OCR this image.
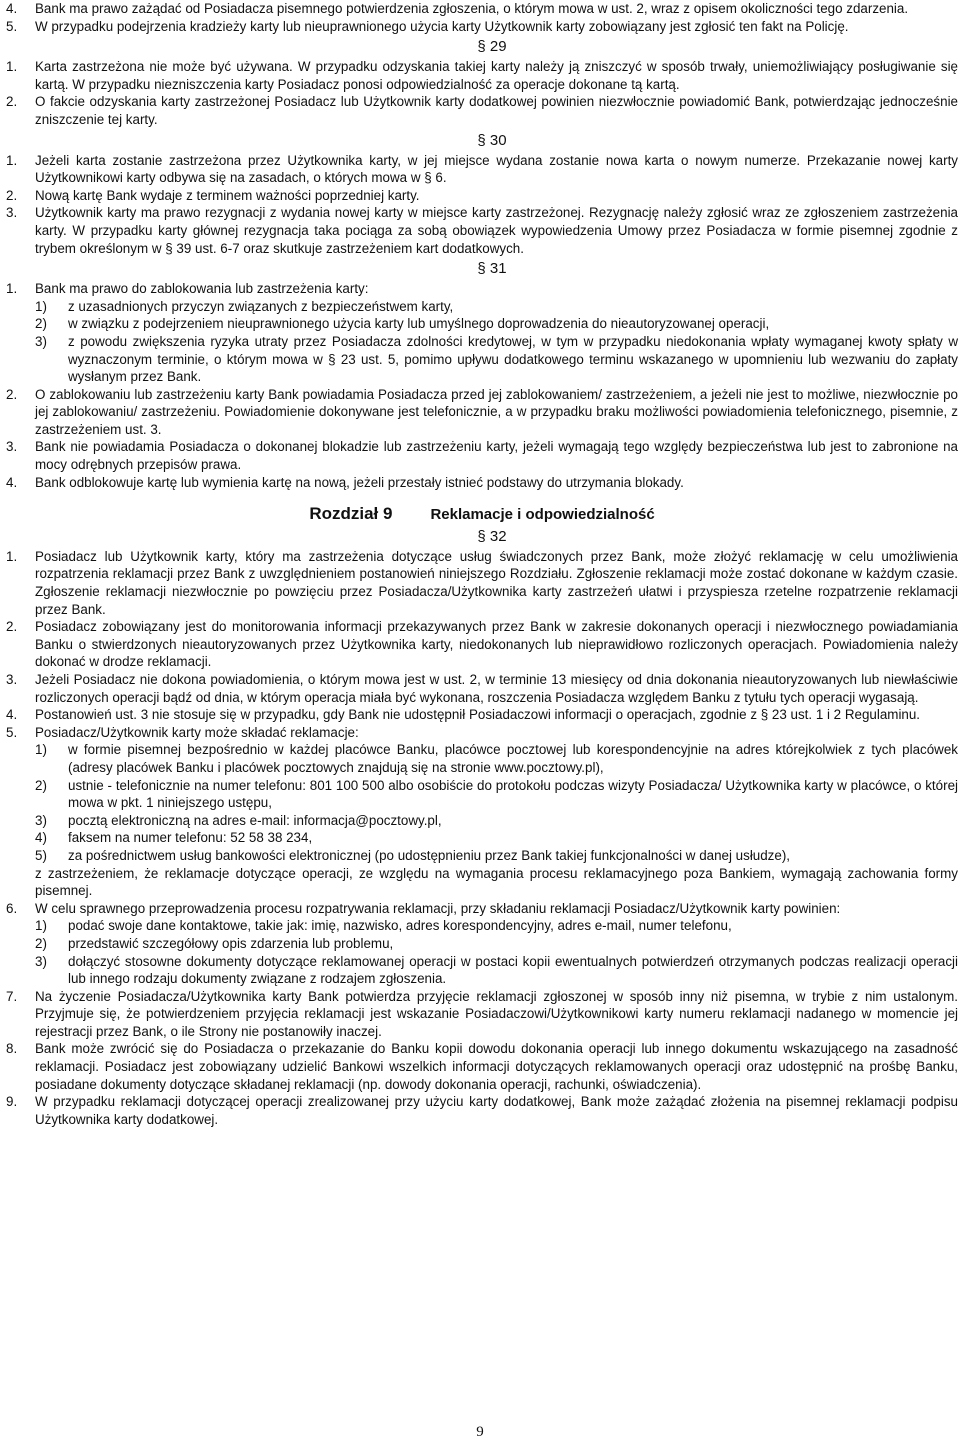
4.	Bank ma prawo zażądać od Posiadacza pisemnego potwierdzenia zgłoszenia, o którym mowa w ust. 2, wraz z opisem okoliczności tego zdarzenia.
5.	W przypadku podejrzenia kradzieży karty lub nieuprawnionego użycia karty Użytkownik karty zobowiązany jest zgłosić ten fakt na Policję.
§ 29
1.	Karta zastrzeżona nie może być używana. W przypadku odzyskania takiej karty należy ją zniszczyć w sposób trwały, uniemożliwiający posługiwanie się kartą. W przypadku niezniszczenia karty Posiadacz ponosi odpowiedzialność za operacje dokonane tą kartą.
2.	O fakcie odzyskania karty zastrzeżonej Posiadacz lub Użytkownik karty dodatkowej powinien niezwłocznie powiadomić Bank, potwierdzając jednocześnie zniszczenie tej karty.
§ 30
1.	Jeżeli karta zostanie zastrzeżona przez Użytkownika karty, w jej miejsce wydana zostanie nowa karta o nowym numerze. Przekazanie nowej karty Użytkownikowi karty odbywa się na zasadach, o których mowa w § 6.
2.	Nową kartę Bank wydaje z terminem ważności poprzedniej karty.
3.	Użytkownik karty ma prawo rezygnacji z wydania nowej karty w miejsce karty zastrzeżonej. Rezygnację należy zgłosić wraz ze zgłoszeniem zastrzeżenia karty. W przypadku karty głównej rezygnacja taka pociąga za sobą obowiązek wypowiedzenia Umowy przez Posiadacza w formie pisemnej zgodnie z trybem określonym w § 39 ust. 6-7 oraz skutkuje zastrzeżeniem kart dodatkowych.
§ 31
1.	Bank ma prawo do zablokowania lub zastrzeżenia karty:
1)	z uzasadnionych przyczyn związanych z bezpieczeństwem karty,
2)	w związku z podejrzeniem nieuprawnionego użycia karty lub umyślnego doprowadzenia do nieautoryzowanej operacji,
3)	z powodu zwiększenia ryzyka utraty przez Posiadacza zdolności kredytowej, w tym w przypadku niedokonania wpłaty wymaganej kwoty spłaty w wyznaczonym terminie, o którym mowa w § 23 ust. 5, pomimo upływu dodatkowego terminu wskazanego w upomnieniu lub wezwaniu do zapłaty wysłanym przez Bank.
2.	O zablokowaniu lub zastrzeżeniu karty Bank powiadamia Posiadacza przed jej zablokowaniem/ zastrzeżeniem, a jeżeli nie jest to możliwe, niezwłocznie po jej zablokowaniu/ zastrzeżeniu. Powiadomienie dokonywane jest telefonicznie, a w przypadku braku możliwości powiadomienia telefonicznego, pisemnie, z zastrzeżeniem ust. 3.
3.	Bank nie powiadamia Posiadacza o dokonanej blokadzie lub zastrzeżeniu karty, jeżeli wymagają tego względy bezpieczeństwa lub jest to zabronione na mocy odrębnych przepisów prawa.
4.	Bank odblokowuje kartę lub wymienia kartę na nową, jeżeli przestały istnieć podstawy do utrzymania blokady.
Rozdział 9	Reklamacje i odpowiedzialność
§ 32
1.	Posiadacz lub Użytkownik karty, który ma zastrzeżenia dotyczące usług świadczonych przez Bank, może złożyć reklamację w celu umożliwienia rozpatrzenia reklamacji przez Bank z uwzględnieniem postanowień niniejszego Rozdziału. Zgłoszenie reklamacji może zostać dokonane w każdym czasie. Zgłoszenie reklamacji niezwłocznie po powzięciu przez Posiadacza/Użytkownika karty zastrzeżeń ułatwi i przyspiesza rzetelne rozpatrzenie reklamacji przez Bank.
2.	Posiadacz zobowiązany jest do monitorowania informacji przekazywanych przez Bank w zakresie dokonanych operacji i niezwłocznego powiadamiania Banku o stwierdzonych nieautoryzowanych przez Użytkownika karty, niedokonanych lub nieprawidłowo rozliczonych operacjach. Powiadomienia należy dokonać w drodze reklamacji.
3.	Jeżeli Posiadacz nie dokona powiadomienia, o którym mowa jest w ust. 2, w terminie 13 miesięcy od dnia dokonania nieautoryzowanych lub niewłaściwie rozliczonych operacji bądź od dnia, w którym operacja miała być wykonana, roszczenia Posiadacza względem Banku z tytułu tych operacji wygasają.
4.	Postanowień ust. 3 nie stosuje się w przypadku, gdy Bank nie udostępnił Posiadaczowi informacji o operacjach, zgodnie z § 23 ust. 1 i 2 Regulaminu.
5.	Posiadacz/Użytkownik karty może składać reklamacje:
1)	w formie pisemnej bezpośrednio w każdej placówce Banku, placówce pocztowej lub korespondencyjnie na adres którejkolwiek z tych placówek (adresy placówek Banku i placówek pocztowych znajdują się na stronie www.pocztowy.pl),
2)	ustnie - telefonicznie na numer telefonu: 801 100 500 albo osobiście do protokołu podczas wizyty Posiadacza/ Użytkownika karty w placówce, o której mowa w pkt. 1 niniejszego ustępu,
3)	pocztą elektroniczną na adres e-mail: informacja@pocztowy.pl,
4)	faksem na numer telefonu: 52 58 38 234,
5)	za pośrednictwem usług bankowości elektronicznej (po udostępnieniu przez Bank takiej funkcjonalności w danej usłudze),
z zastrzeżeniem, że reklamacje dotyczące operacji, ze względu na wymagania procesu reklamacyjnego poza Bankiem, wymagają zachowania formy pisemnej.
6.	W celu sprawnego przeprowadzenia procesu rozpatrywania reklamacji, przy składaniu reklamacji Posiadacz/Użytkownik karty powinien:
1)	podać swoje dane kontaktowe, takie jak: imię, nazwisko, adres korespondencyjny, adres e-mail, numer telefonu,
2)	przedstawić szczegółowy opis zdarzenia lub problemu,
3)	dołączyć stosowne dokumenty dotyczące reklamowanej operacji w postaci kopii ewentualnych potwierdzeń otrzymanych podczas realizacji operacji lub innego rodzaju dokumenty związane z rodzajem zgłoszenia.
7.	Na życzenie Posiadacza/Użytkownika karty Bank potwierdza przyjęcie reklamacji zgłoszonej w sposób inny niż pisemna, w trybie z nim ustalonym. Przyjmuje się, że potwierdzeniem przyjęcia reklamacji jest wskazanie Posiadaczowi/Użytkownikowi karty numeru reklamacji nadanego w momencie jej rejestracji przez Bank, o ile Strony nie postanowiły inaczej.
8.	Bank może zwrócić się do Posiadacza o przekazanie do Banku kopii dowodu dokonania operacji lub innego dokumentu wskazującego na zasadność reklamacji. Posiadacz jest zobowiązany udzielić Bankowi wszelkich informacji dotyczących reklamowanych operacji oraz udostępnić na prośbę Banku, posiadane dokumenty dotyczące składanej reklamacji (np. dowody dokonania operacji, rachunki, oświadczenia).
9.	W przypadku reklamacji dotyczącej operacji zrealizowanej przy użyciu karty dodatkowej, Bank może zażądać złożenia na pisemnej reklamacji podpisu Użytkownika karty dodatkowej.
9
